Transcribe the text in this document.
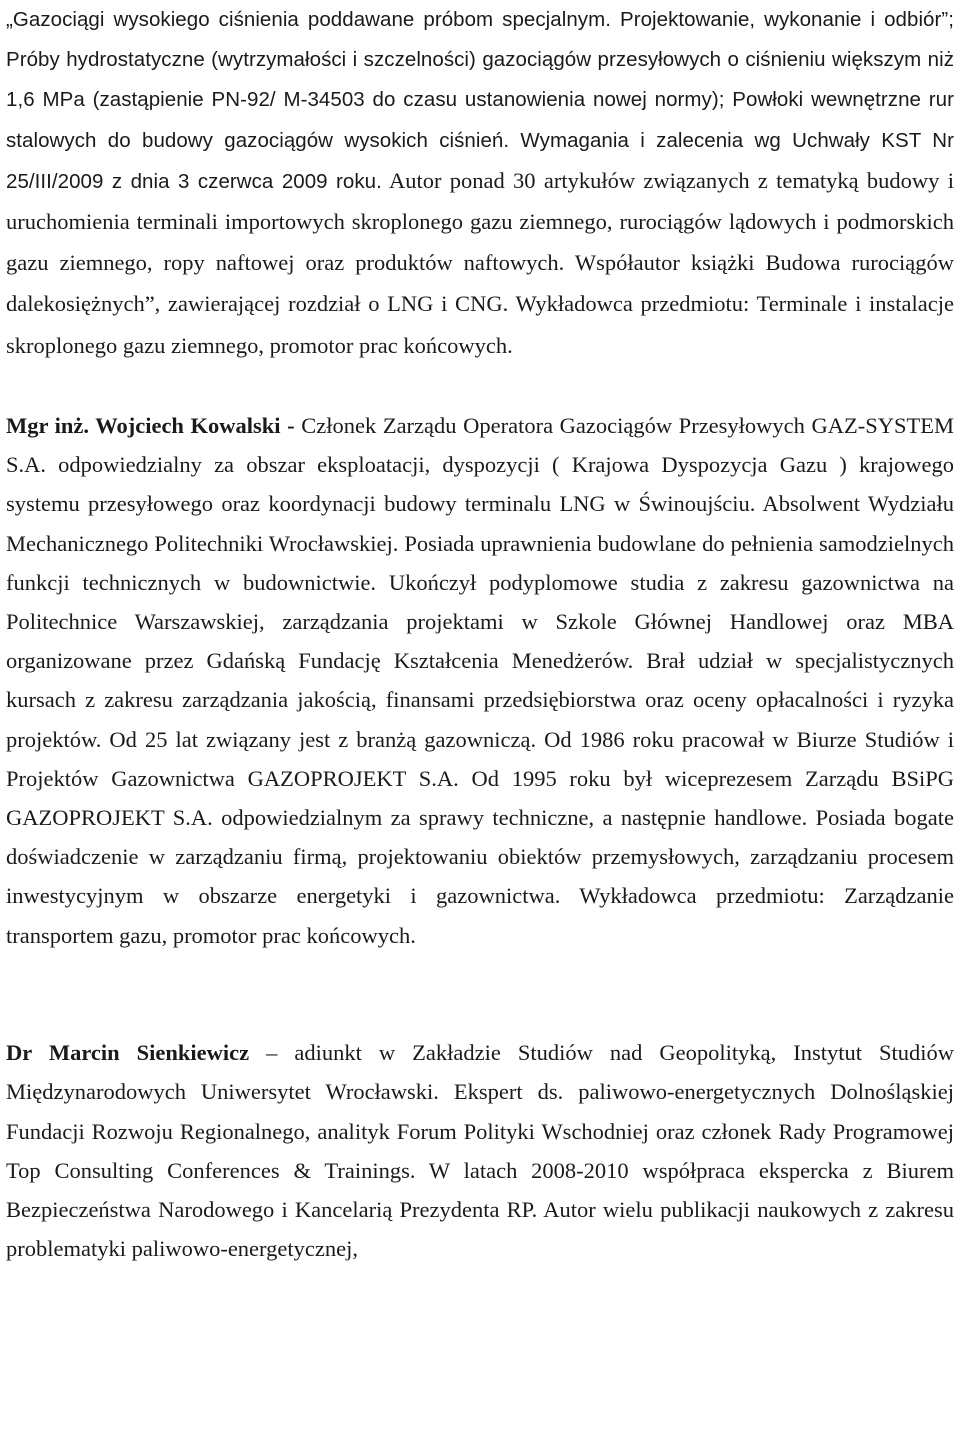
„Gazociągi wysokiego ciśnienia poddawane próbom specjalnym. Projektowanie, wykonanie i odbiór”; Próby hydrostatyczne (wytrzymałości i szczelności) gazociągów przesyłowych o ciśnieniu większym niż 1,6 MPa (zastąpienie PN-92/ M-34503 do czasu ustanowienia nowej normy); Powłoki wewnętrzne rur stalowych do budowy gazociągów wysokich ciśnień. Wymagania i zalecenia wg Uchwały KST Nr 25/III/2009 z dnia 3 czerwca 2009 roku. Autor ponad 30 artykułów związanych z tematyką budowy i uruchomienia terminali importowych skroplonego gazu ziemnego, rurociągów lądowych i podmorskich gazu ziemnego, ropy naftowej oraz produktów naftowych. Współautor książki Budowa rurociągów dalekosiężnych”, zawierającej rozdział o LNG i CNG. Wykładowca przedmiotu: Terminale i instalacje skroplonego gazu ziemnego, promotor prac końcowych.

Mgr inż. Wojciech Kowalski - Członek Zarządu Operatora Gazociągów Przesyłowych GAZ-SYSTEM S.A. odpowiedzialny za obszar eksploatacji, dyspozycji ( Krajowa Dyspozycja Gazu ) krajowego systemu przesyłowego oraz koordynacji budowy terminalu LNG w Świnoujściu. Absolwent Wydziału Mechanicznego Politechniki Wrocławskiej. Posiada uprawnienia budowlane do pełnienia samodzielnych funkcji technicznych w budownictwie. Ukończył podyplomowe studia z zakresu gazownictwa na Politechnice Warszawskiej, zarządzania projektami w Szkole Głównej Handlowej oraz MBA organizowane przez Gdańską Fundację Kształcenia Menedżerów. Brał udział w specjalistycznych kursach z zakresu zarządzania jakością, finansami przedsiębiorstwa oraz oceny opłacalności i ryzyka projektów. Od 25 lat związany jest z branżą gazowniczą. Od 1986 roku pracował w Biurze Studiów i Projektów Gazownictwa GAZOPROJEKT S.A. Od 1995 roku był wiceprezesem Zarządu BSiPG GAZOPROJEKT S.A. odpowiedzialnym za sprawy techniczne, a następnie handlowe. Posiada bogate doświadczenie w zarządzaniu firmą, projektowaniu obiektów przemysłowych, zarządzaniu procesem inwestycyjnym w obszarze energetyki i gazownictwa. Wykładowca przedmiotu: Zarządzanie transportem gazu, promotor prac końcowych.

Dr Marcin Sienkiewicz – adiunkt w Zakładzie Studiów nad Geopolityką, Instytut Studiów Międzynarodowych Uniwersytet Wrocławski. Ekspert ds. paliwowo-energetycznych Dolnośląskiej Fundacji Rozwoju Regionalnego, analityk Forum Polityki Wschodniej oraz członek Rady Programowej Top Consulting Conferences & Trainings. W latach 2008-2010 współpraca ekspercka z Biurem Bezpieczeństwa Narodowego i Kancelarią Prezydenta RP. Autor wielu publikacji naukowych z zakresu problematyki paliwowo-energetycznej,
